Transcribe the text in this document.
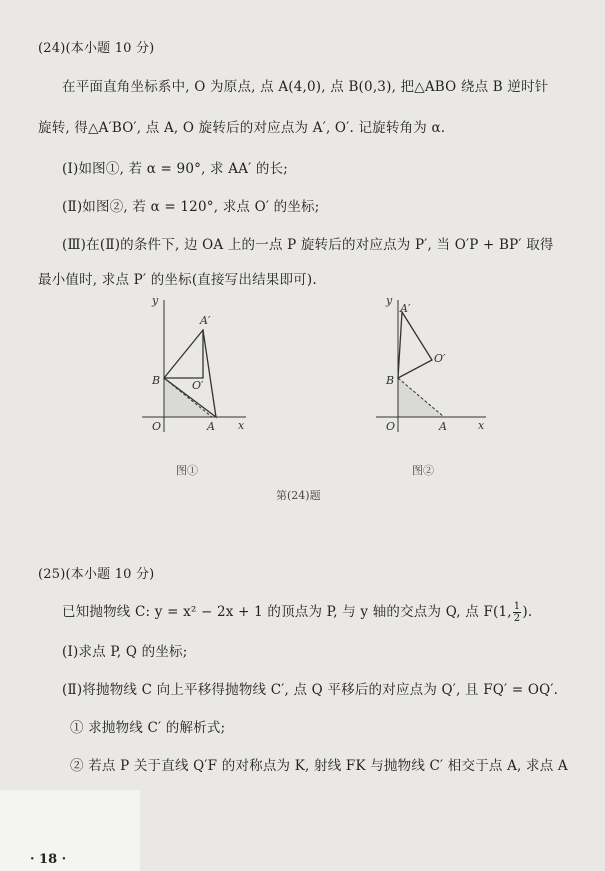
(24)(本小题 10 分)
在平面直角坐标系中, O 为原点, 点 A(4,0), 点 B(0,3), 把△ABO 绕点 B 逆时针
旋转, 得△A′BO′, 点 A, O 旋转后的对应点为 A′, O′. 记旋转角为 α.
(Ⅰ)如图①, 若 α = 90°, 求 AA′ 的长;
(Ⅱ)如图②, 若 α = 120°, 求点 O′ 的坐标;
(Ⅲ)在(Ⅱ)的条件下, 边 OA 上的一点 P 旋转后的对应点为 P′, 当 O′P + BP′ 取得
最小值时, 求点 P′ 的坐标(直接写出结果即可).
y
x
O	A
B
A′
O′
图①
y
x
O	A
B
A′
O′
图②
第(24)题
(25)(本小题 10 分)
已知抛物线 C: y = x² − 2x + 1 的顶点为 P, 与 y 轴的交点为 Q, 点 F(1, $\frac{1}{2}$ ).
(Ⅰ)求点 P, Q 的坐标;
(Ⅱ)将抛物线 C 向上平移得抛物线 C′, 点 Q 平移后的对应点为 Q′, 且 FQ′ = OQ′.
① 求抛物线 C′ 的解析式;
② 若点 P 关于直线 Q′F 的对称点为 K, 射线 FK 与抛物线 C′ 相交于点 A, 求点 A
· 18 ·
